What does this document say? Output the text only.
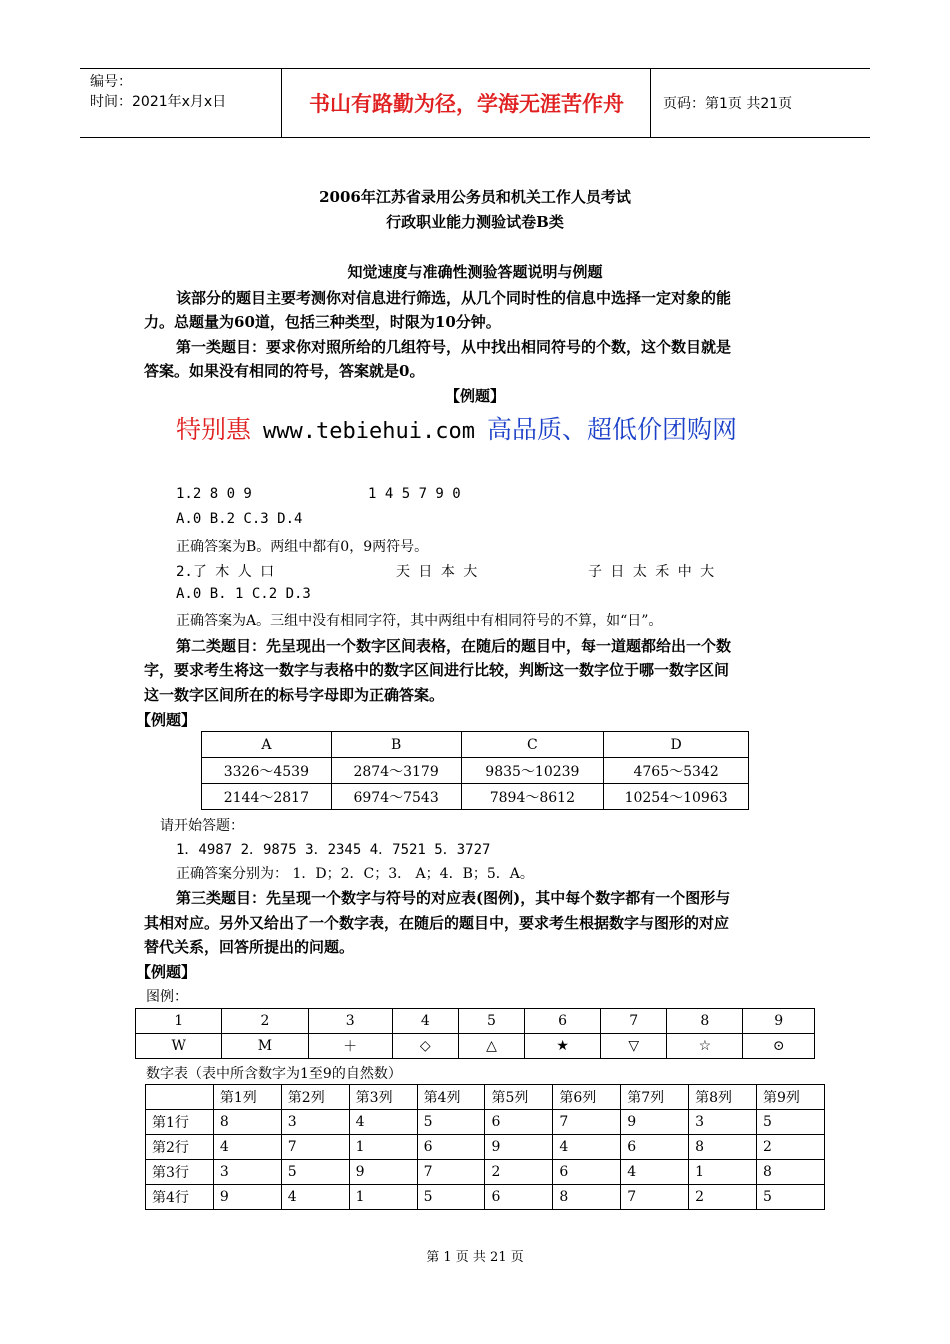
编号：
时间：2021年x月x日	书山有路勤为径，学海无涯苦作舟	页码：第1页 共21页
2006年江苏省录用公务员和机关工作人员考试
行政职业能力测验试卷B类
知觉速度与准确性测验答题说明与例题
该部分的题目主要考测你对信息进行筛选，从几个同时性的信息中选择一定对象的能
力。总题量为60道，包括三种类型，时限为10分钟。
第一类题目：要求你对照所给的几组符号，从中找出相同符号的个数，这个数目就是
答案。如果没有相同的符号，答案就是0。
【例题】
特别惠 www.tebiehui.com 高品质、超低价团购网
1.2 8 0 9	1 4 5 7 9 0
A.0 B.2 C.3 D.4
正确答案为B。两组中都有0，9两符号。
2.了 木 人 口	天 日 本 大	子 日 太 禾 中 大
A.0 B. 1 C.2 D.3
正确答案为A。三组中没有相同字符，其中两组中有相同符号的不算，如“日”。
第二类题目：先呈现出一个数字区间表格，在随后的题目中，每一道题都给出一个数
字，要求考生将这一数字与表格中的数字区间进行比较，判断这一数字位于哪一数字区间
这一数字区间所在的标号字母即为正确答案。
【例题】
A	B	C	D
3326～4539	2874～3179	9835～10239	4765～5342
2144～2817	6974～7543	7894～8612	10254～10963
请开始答题：
1．4987 2．9875 3．2345 4．7521 5．3727
正确答案分别为： 1．D；2．C；3． A；4．B；5．A。
第三类题目：先呈现一个数字与符号的对应表(图例)，其中每个数字都有一个图形与
其相对应。另外又给出了一个数字表，在随后的题目中，要求考生根据数字与图形的对应
替代关系，回答所提出的问题。
【例题】
图例：
1	2	3	4	5	6	7	8	9
W	M	＋	◇	△	★	▽	☆	⊙
数字表（表中所含数字为1至9的自然数）
	第1列	第2列	第3列	第4列	第5列	第6列	第7列	第8列	第9列
第1行	8	3	4	5	6	7	9	3	5
第2行	4	7	1	6	9	4	6	8	2
第3行	3	5	9	7	2	6	4	1	8
第4行	9	4	1	5	6	8	7	2	5
第 1 页 共 21 页
